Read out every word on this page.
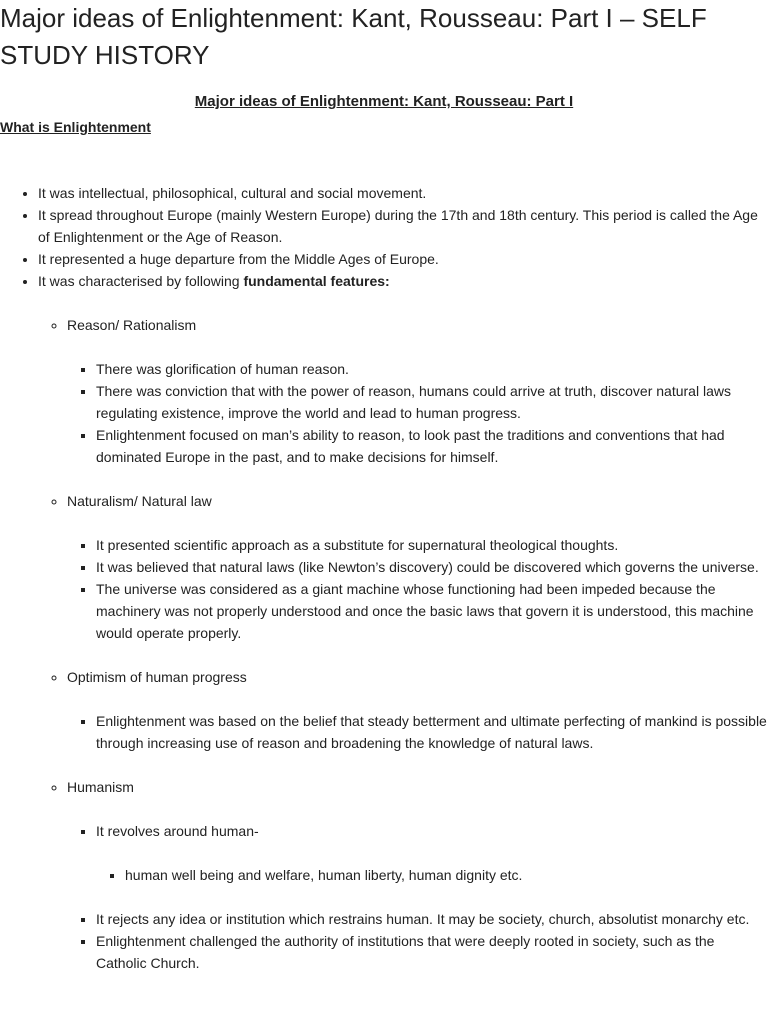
Major ideas of Enlightenment: Kant, Rousseau: Part I – SELF STUDY HISTORY
Major ideas of Enlightenment: Kant, Rousseau: Part I
What is Enlightenment
• It was intellectual, philosophical, cultural and social movement.
• It spread throughout Europe (mainly Western Europe) during the 17th and 18th century. This period is called the Age of Enlightenment or the Age of Reason.
• It represented a huge departure from the Middle Ages of Europe.
• It was characterised by following fundamental features:
◦ Reason/ Rationalism
▪ There was glorification of human reason.
▪ There was conviction that with the power of reason, humans could arrive at truth, discover natural laws regulating existence, improve the world and lead to human progress.
▪ Enlightenment focused on man’s ability to reason, to look past the traditions and conventions that had dominated Europe in the past, and to make decisions for himself.
◦ Naturalism/ Natural law
▪ It presented scientific approach as a substitute for supernatural theological thoughts.
▪ It was believed that natural laws (like Newton’s discovery) could be discovered which governs the universe.
▪ The universe was considered as a giant machine whose functioning had been impeded because the machinery was not properly understood and once the basic laws that govern it is understood, this machine would operate properly.
◦ Optimism of human progress
▪ Enlightenment was based on the belief that steady betterment and ultimate perfecting of mankind is possible through increasing use of reason and broadening the knowledge of natural laws.
◦ Humanism
▪ It revolves around human-
▪ human well being and welfare, human liberty, human dignity etc.
▪ It rejects any idea or institution which restrains human. It may be society, church, absolutist monarchy etc.
▪ Enlightenment challenged the authority of institutions that were deeply rooted in society, such as the Catholic Church.
